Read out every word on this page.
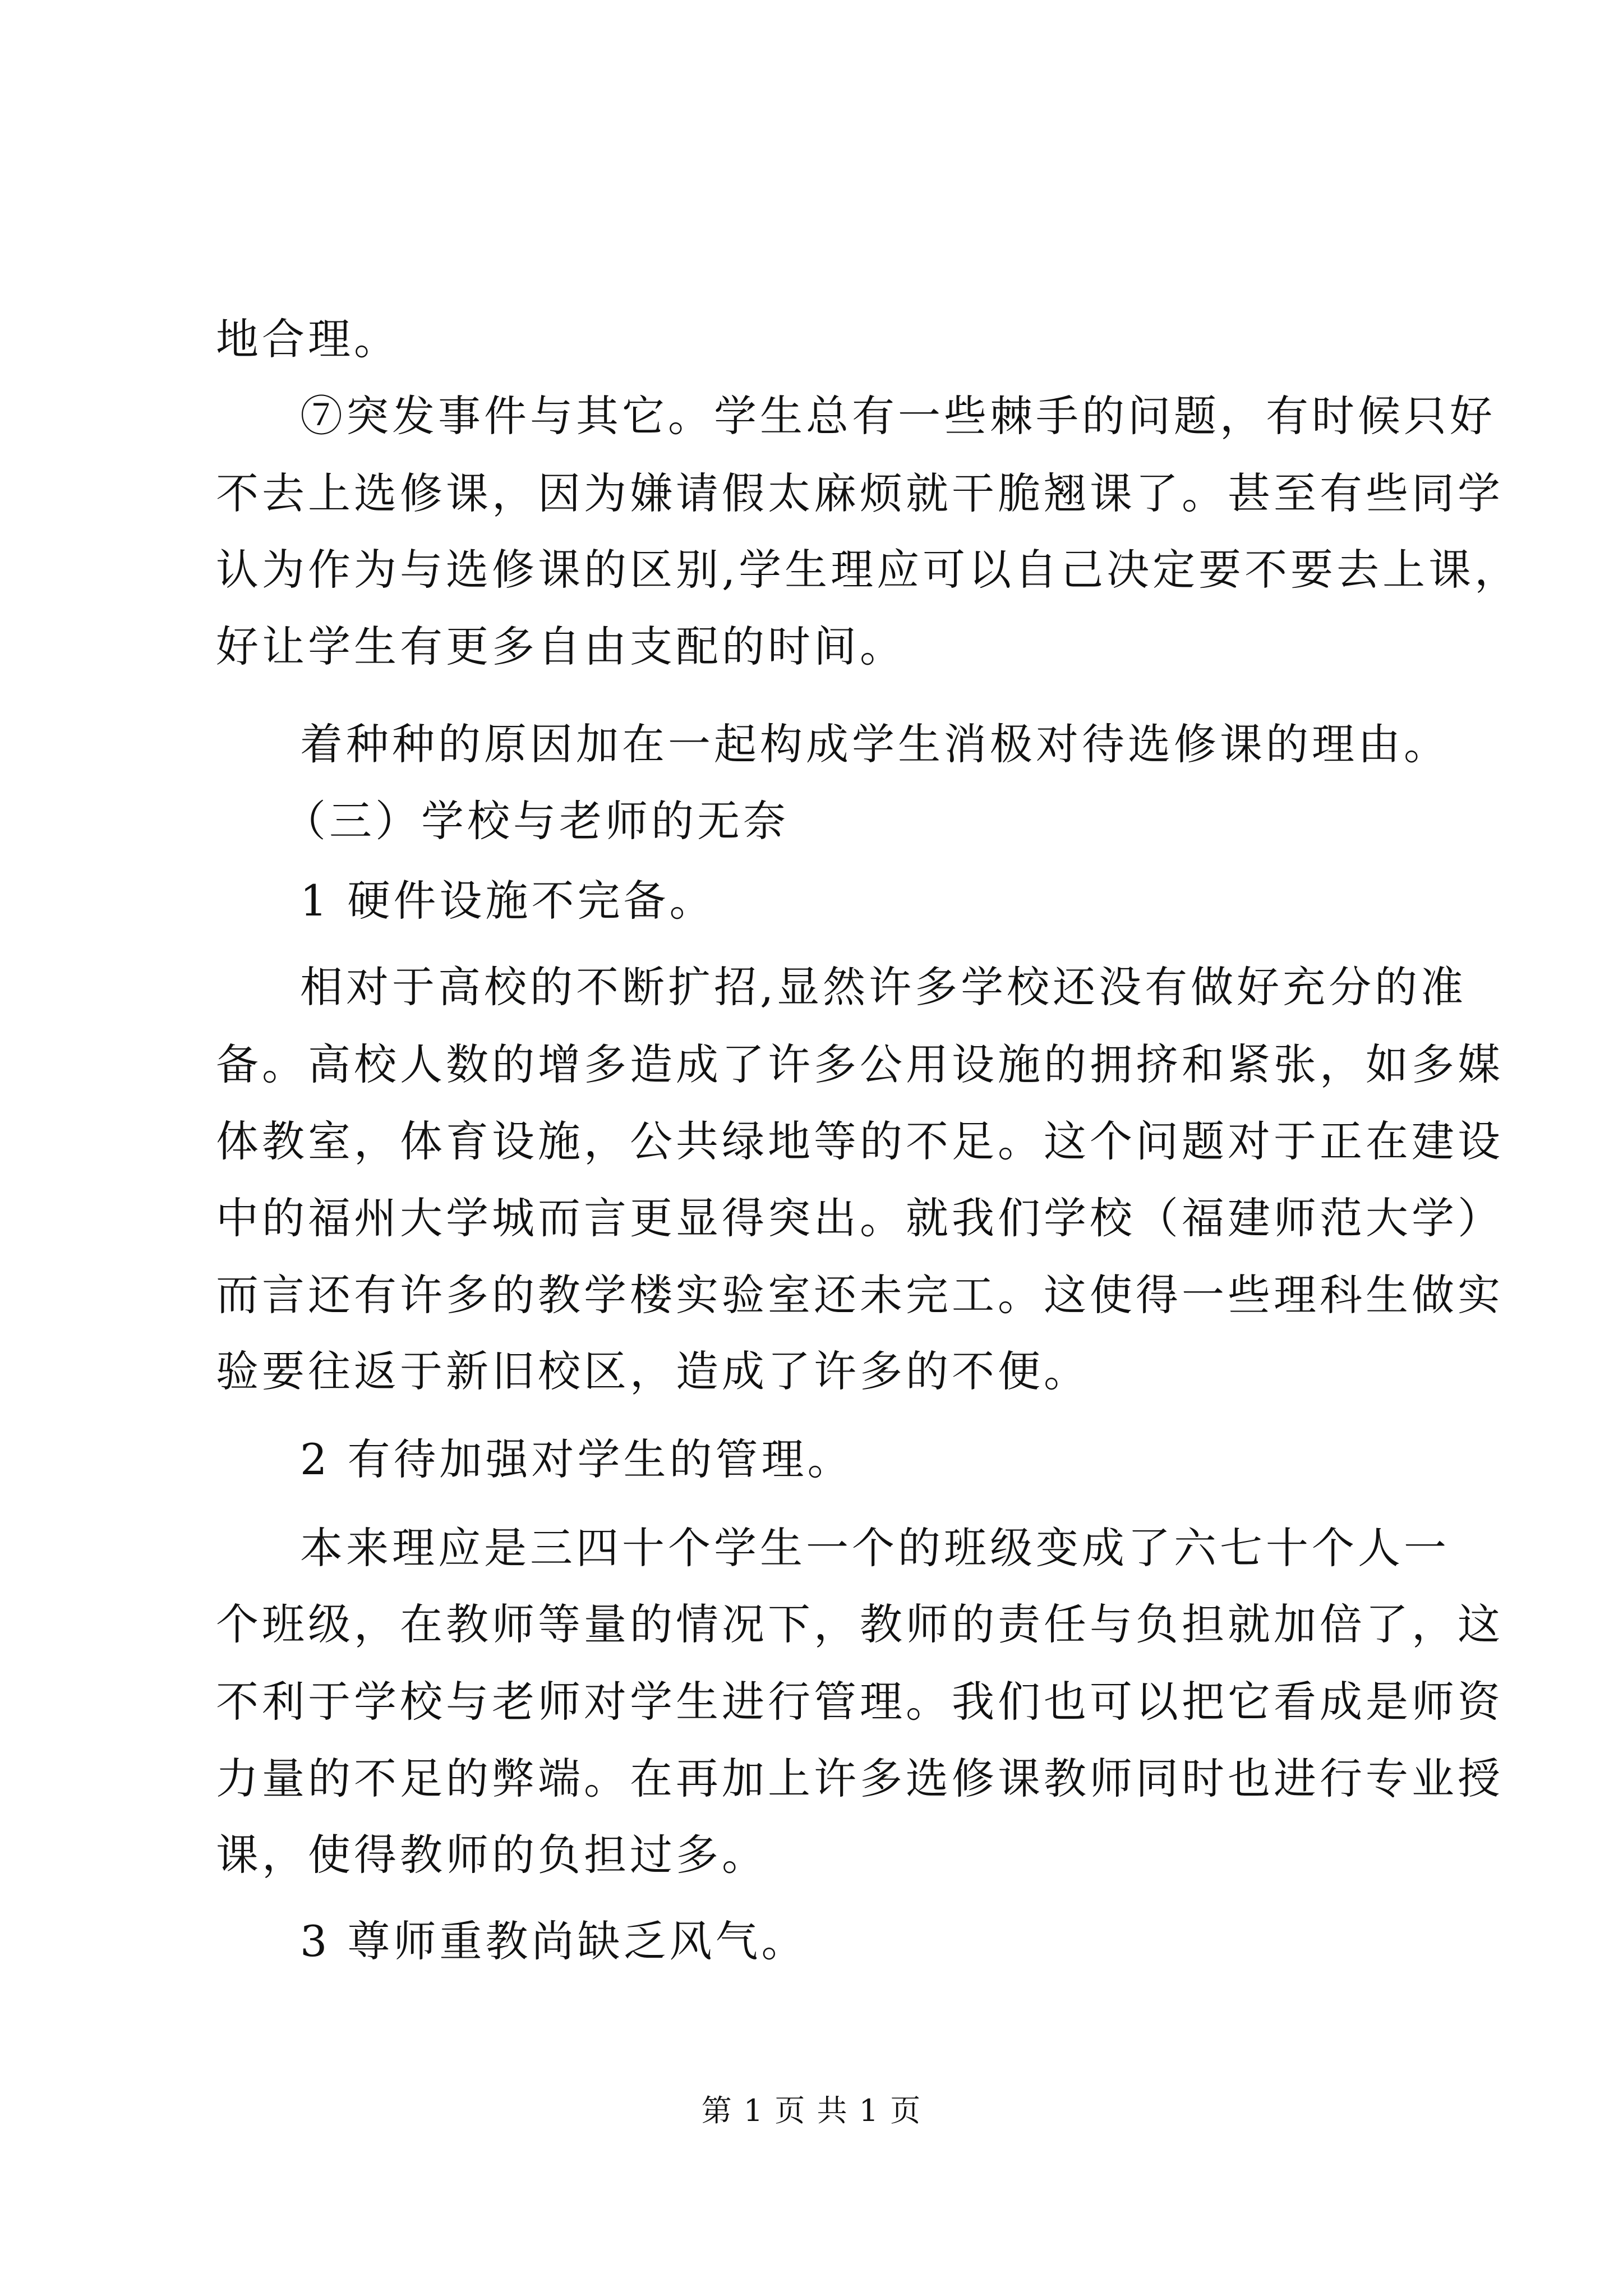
地合理。
⑦突发事件与其它。学生总有一些棘手的问题，有时候只好
不去上选修课，因为嫌请假太麻烦就干脆翘课了。甚至有些同学
认为作为与选修课的区别,学生理应可以自己决定要不要去上课，
好让学生有更多自由支配的时间。
着种种的原因加在一起构成学生消极对待选修课的理由。
（三）学校与老师的无奈
1 硬件设施不完备。
相对于高校的不断扩招,显然许多学校还没有做好充分的准
备。高校人数的增多造成了许多公用设施的拥挤和紧张，如多媒
体教室，体育设施，公共绿地等的不足。这个问题对于正在建设
中的福州大学城而言更显得突出。就我们学校（福建师范大学）
而言还有许多的教学楼实验室还未完工。这使得一些理科生做实
验要往返于新旧校区，造成了许多的不便。
2 有待加强对学生的管理。
本来理应是三四十个学生一个的班级变成了六七十个人一
个班级，在教师等量的情况下，教师的责任与负担就加倍了，这
不利于学校与老师对学生进行管理。我们也可以把它看成是师资
力量的不足的弊端。在再加上许多选修课教师同时也进行专业授
课，使得教师的负担过多。
3 尊师重教尚缺乏风气。
第 1 页 共 1 页
